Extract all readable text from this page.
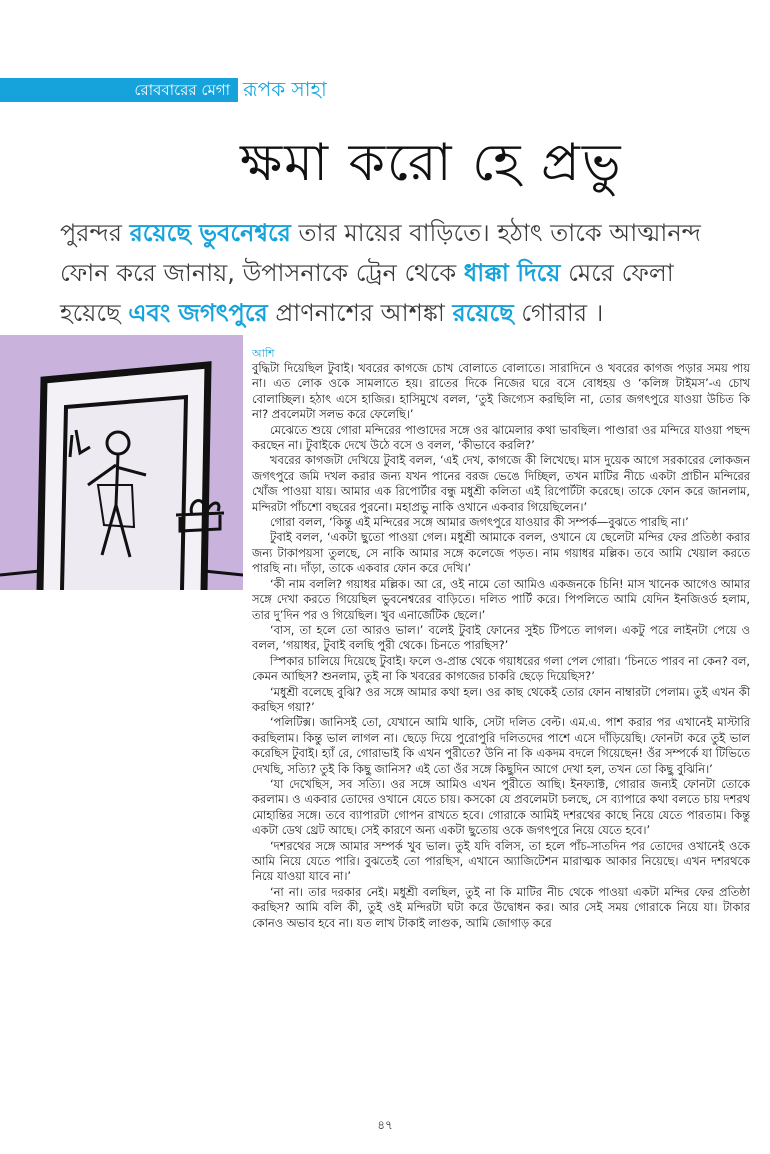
রোববারের মেগা রূপক সাহা
ক্ষমা করো হে প্রভু
পুরন্দর রয়েছে ভুবনেশ্বরে তার মায়ের বাড়িতে। হঠাৎ তাকে আত্মানন্দ ফোন করে জানায়, উপাসনাকে ট্রেন থেকে ধাক্কা দিয়ে মেরে ফেলা হয়েছে এবং জগৎপুরে প্রাণনাশের আশঙ্কা রয়েছে গোরার ।
আশি

বুদ্ধিটা দিয়েছিল টুবাই। খবরের কাগজে চোখ বোলাতে বোলাতে। সারাদিনে ও খবরের কাগজ পড়ার সময় পায় না। এত লোক ওকে সামলাতে হয়। রাতের দিকে নিজের ঘরে বসে বোধহয় ও ‘কলিঙ্গ টাইমস’-এ চোখ বোলাচ্ছিল। হঠাৎ এসে হাজির। হাসিমুখে বলল, ‘তুই জিগ্যেস করছিলি না, তোর জগৎপুরে যাওয়া উচিত কি না? প্রবলেমটা সলভ করে ফেলেছি।’

মেঝেতে শুয়ে গোরা মন্দিরের পাণ্ডাদের সঙ্গে ওর ঝামেলার কথা ভাবছিল। পাণ্ডারা ওর মন্দিরে যাওয়া পছন্দ করছেন না। টুবাইকে দেখে উঠে বসে ও বলল, ‘কীভাবে করলি?’

খবরের কাগজটা দেখিয়ে টুবাই বলল, ‘এই দেখ, কাগজে কী লিখেছে। মাস দুয়েক আগে সরকারের লোকজন জগৎপুরে জমি দখল করার জন্য যখন পানের বরজ ভেঙে দিচ্ছিল, তখন মাটির নীচে একটা প্রাচীন মন্দিরের খোঁজ পাওয়া যায়। আমার এক রিপোর্টার বন্ধু মধুশ্রী কলিতা এই রিপোর্টটা করেছে। তাকে ফোন করে জানলাম, মন্দিরটা পাঁচশো বছরের পুরনো। মহাপ্রভু নাকি ওখানে একবার গিয়েছিলেন।’

গোরা বলল, ‘কিন্তু এই মন্দিরের সঙ্গে আমার জগৎপুরে যাওয়ার কী সম্পর্ক—বুঝতে পারছি না।’

টুবাই বলল, ‘একটা ছুতো পাওয়া গেল। মধুশ্রী আমাকে বলল, ওখানে যে ছেলেটা মন্দির ফের প্রতিষ্ঠা করার জন্য টাকাপয়সা তুলছে, সে নাকি আমার সঙ্গে কলেজে পড়ত। নাম গয়াধর মল্লিক। তবে আমি খেয়াল করতে পারছি না। দাঁড়া, তাকে একবার ফোন করে দেখি।’

‘কী নাম বললি? গয়াধর মল্লিক। আ রে, ওই নামে তো আমিও একজনকে চিনি! মাস খানেক আগেও আমার সঙ্গে দেখা করতে গিয়েছিল ভুবনেশ্বরের বাড়িতে। দলিত পার্টি করে। পিপলিতে আমি যেদিন ইনজিওর্ড হলাম, তার দু’দিন পর ও গিয়েছিল। খুব এনার্জেটিক ছেলে।’

‘বাস, তা হলে তো আরও ভাল।’ বলেই টুবাই ফোনের সুইচ টিপতে লাগল। একটু পরে লাইনটা পেয়ে ও বলল, ‘গয়াধর, টুবাই বলছি পুরী থেকে। চিনতে পারছিস?’

স্পিকার চালিয়ে দিয়েছে টুবাই। ফলে ও-প্রান্ত থেকে গয়াধরের গলা পেল গোরা। ‘চিনতে পারব না কেন? বল, কেমন আছিস? শুনলাম, তুই না কি খবরের কাগজের চাকরি ছেড়ে দিয়েছিস?’

‘মধুশ্রী বলেছে বুঝি? ওর সঙ্গে আমার কথা হল। ওর কাছ থেকেই তোর ফোন নাম্বারটা পেলাম। তুই এখন কী করছিস গয়া?’

‘পলিটিক্স। জানিসই তো, যেখানে আমি থাকি, সেটা দলিত বেল্ট। এম.এ. পাশ করার পর এখানেই মাস্টারি করছিলাম। কিন্তু ভাল লাগল না। ছেড়ে দিয়ে পুরোপুরি দলিতদের পাশে এসে দাঁড়িয়েছি। ফোনটা করে তুই ভাল করেছিস টুবাই। হ্যাঁ রে, গোরাভাই কি এখন পুরীতে? উনি না কি একদম বদলে গিয়েছেন! ওঁর সম্পর্কে যা টিভিতে দেখছি, সত্যি? তুই কি কিছু জানিস? এই তো ওঁর সঙ্গে কিছুদিন আগে দেখা হল, তখন তো কিছু বুঝিনি।’

‘যা দেখেছিস, সব সত্যি। ওর সঙ্গে আমিও এখন পুরীতে আছি। ইনফ্যাক্ট, গোরার জন্যই ফোনটা তোকে করলাম। ও একবার তোদের ওখানে যেতে চায়। কসকো যে প্রবলেমটা চলছে, সে ব্যাপারে কথা বলতে চায় দশরথ মোহান্তির সঙ্গে। তবে ব্যাপারটা গোপন রাখতে হবে। গোরাকে আমিই দশরথের কাছে নিয়ে যেতে পারতাম। কিন্তু একটা ডেথ থ্রেট আছে। সেই কারণে অন্য একটা ছুতোয় ওকে জগৎপুরে নিয়ে যেতে হবে।’

‘দশরথের সঙ্গে আমার সম্পর্ক খুব ভাল। তুই যদি বলিস, তা হলে পাঁচ-সাতদিন পর তোদের ওখানেই ওকে আমি নিয়ে যেতে পারি। বুঝতেই তো পারছিস, এখানে অ্যাজিটেশন মারাত্মক আকার নিয়েছে। এখন দশরথকে নিয়ে যাওয়া যাবে না।’

‘না না। তার দরকার নেই। মধুশ্রী বলছিল, তুই না কি মাটির নীচ থেকে পাওয়া একটা মন্দির ফের প্রতিষ্ঠা করছিস? আমি বলি কী, তুই ওই মন্দিরটা ঘটা করে উদ্বোধন কর। আর সেই সময় গোরাকে নিয়ে যা। টাকার কোনও অভাব হবে না। যত লাখ টাকাই লাগুক, আমি জোগাড় করে

৪৭
